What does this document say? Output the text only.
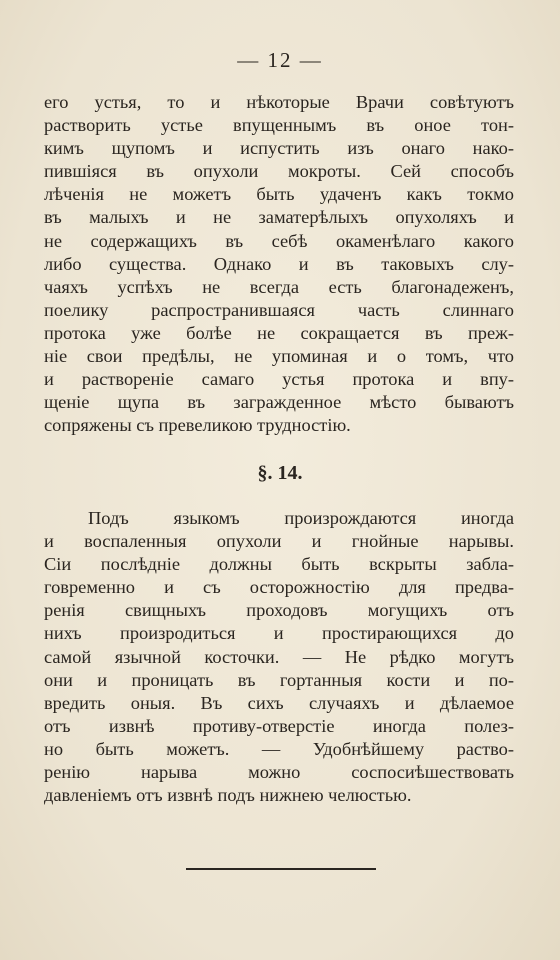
— 12 —
его устья, то и нѣкоторые Врачи совѣтуютъ
растворить устье впущеннымъ въ оное тон-
кимъ щупомъ и испустить изъ онаго нако-
пившіяся въ опухоли мокроты. Сей способъ
лѣченія не можетъ быть удаченъ какъ токмо
въ малыхъ и не заматерѣлыхъ опухоляхъ и
не содержащихъ въ себѣ окаменѣлаго какого
либо существа. Однако и въ таковыхъ слу-
чаяхъ успѣхъ не всегда есть благонадеженъ,
поелику распространившаяся часть слиннаго
протока уже болѣе не сокращается въ преж-
ніе свои предѣлы, не упоминая и о томъ, что
и раствореніе самаго устья протока и впу-
щеніе щупа въ загражденное мѣсто бываютъ
сопряжены съ превеликою трудностію.
§. 14.
Подъ языкомъ произрождаются иногда
и воспаленныя опухоли и гнойные нарывы.
Сіи послѣдніе должны быть вскрыты забла-
говременно и съ осторожностію для предва-
ренія свищныхъ проходовъ могущихъ отъ
нихъ произродиться и простирающихся до
самой язычной косточки. — Не рѣдко могутъ
они и проницать въ гортанныя кости и по-
вредить оныя. Въ сихъ случаяхъ и дѣлаемое
отъ извнѣ противу-отверстіе иногда полез-
но быть можетъ. — Удобнѣйшему раство-
ренію нарыва можно соспосиѣшествовать
давленіемъ отъ извнѣ подъ нижнею челюстью.
